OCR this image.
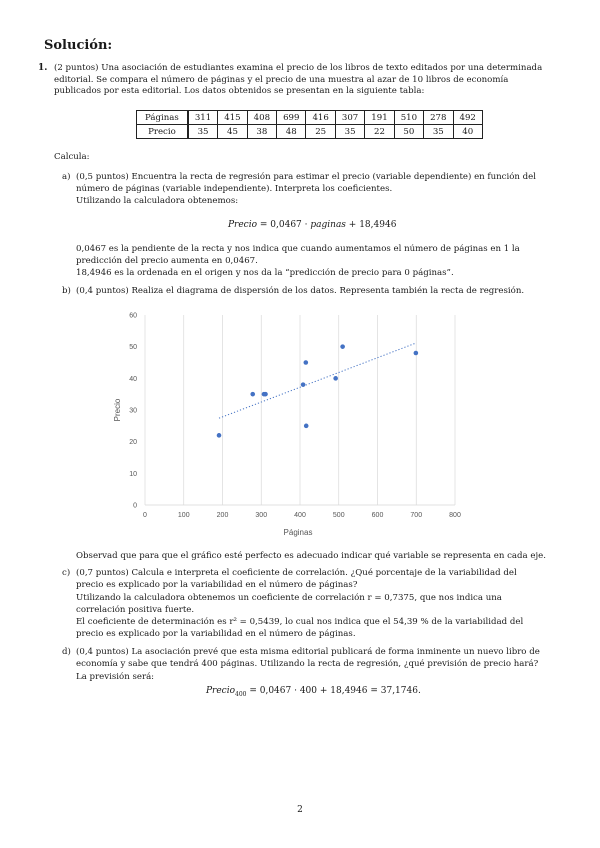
Solución:
1. (2 puntos) Una asociación de estudiantes examina el precio de los libros de texto editados por una determinada editorial. Se compara el número de páginas y el precio de una muestra al azar de 10 libros de economía publicados por esta editorial. Los datos obtenidos se presentan en la siguiente tabla:

Páginas	311	415	408	699	416	307	191	510	278	492
Precio	35	45	38	48	25	35	22	50	35	40
Calcula:
a) (0,5 puntos) Encuentra la recta de regresión para estimar el precio (variable dependiente) en función del número de páginas (variable independiente). Interpreta los coeficientes.

Utilizando la calculadora obtenemos:

Precio = 0,0467 · paginas + 18,4946

0,0467 es la pendiente de la recta y nos indica que cuando aumentamos el número de páginas en 1 la predicción del precio aumenta en 0,0467.

18,4946 es la ordenada en el origen y nos da la “predicción de precio para 0 páginas”.

b) (0,4 puntos) Realiza el diagrama de dispersión de los datos. Representa también la recta de regresión.

0
10
20
30
40
50
60
0	100	200	300	400	500	600	700	800
Páginas
Precio

Observad que para que el gráfico esté perfecto es adecuado indicar qué variable se representa en cada eje.

c) (0,7 puntos) Calcula e interpreta el coeficiente de correlación. ¿Qué porcentaje de la variabilidad del precio es explicado por la variabilidad en el número de páginas?

Utilizando la calculadora obtenemos un coeficiente de correlación r = 0,7375, que nos indica una correlación positiva fuerte.

El coeficiente de determinación es r² = 0,5439, lo cual nos indica que el 54,39 % de la variabilidad del precio es explicado por la variabilidad en el número de páginas.

d) (0,4 puntos) La asociación prevé que esta misma editorial publicará de forma inminente un nuevo libro de economía y sabe que tendrá 400 páginas. Utilizando la recta de regresión, ¿qué previsión de precio hará?

La previsión será:

Precio$_{400}$ = 0,0467 · 400 + 18,4946 = 37,1746.
2
